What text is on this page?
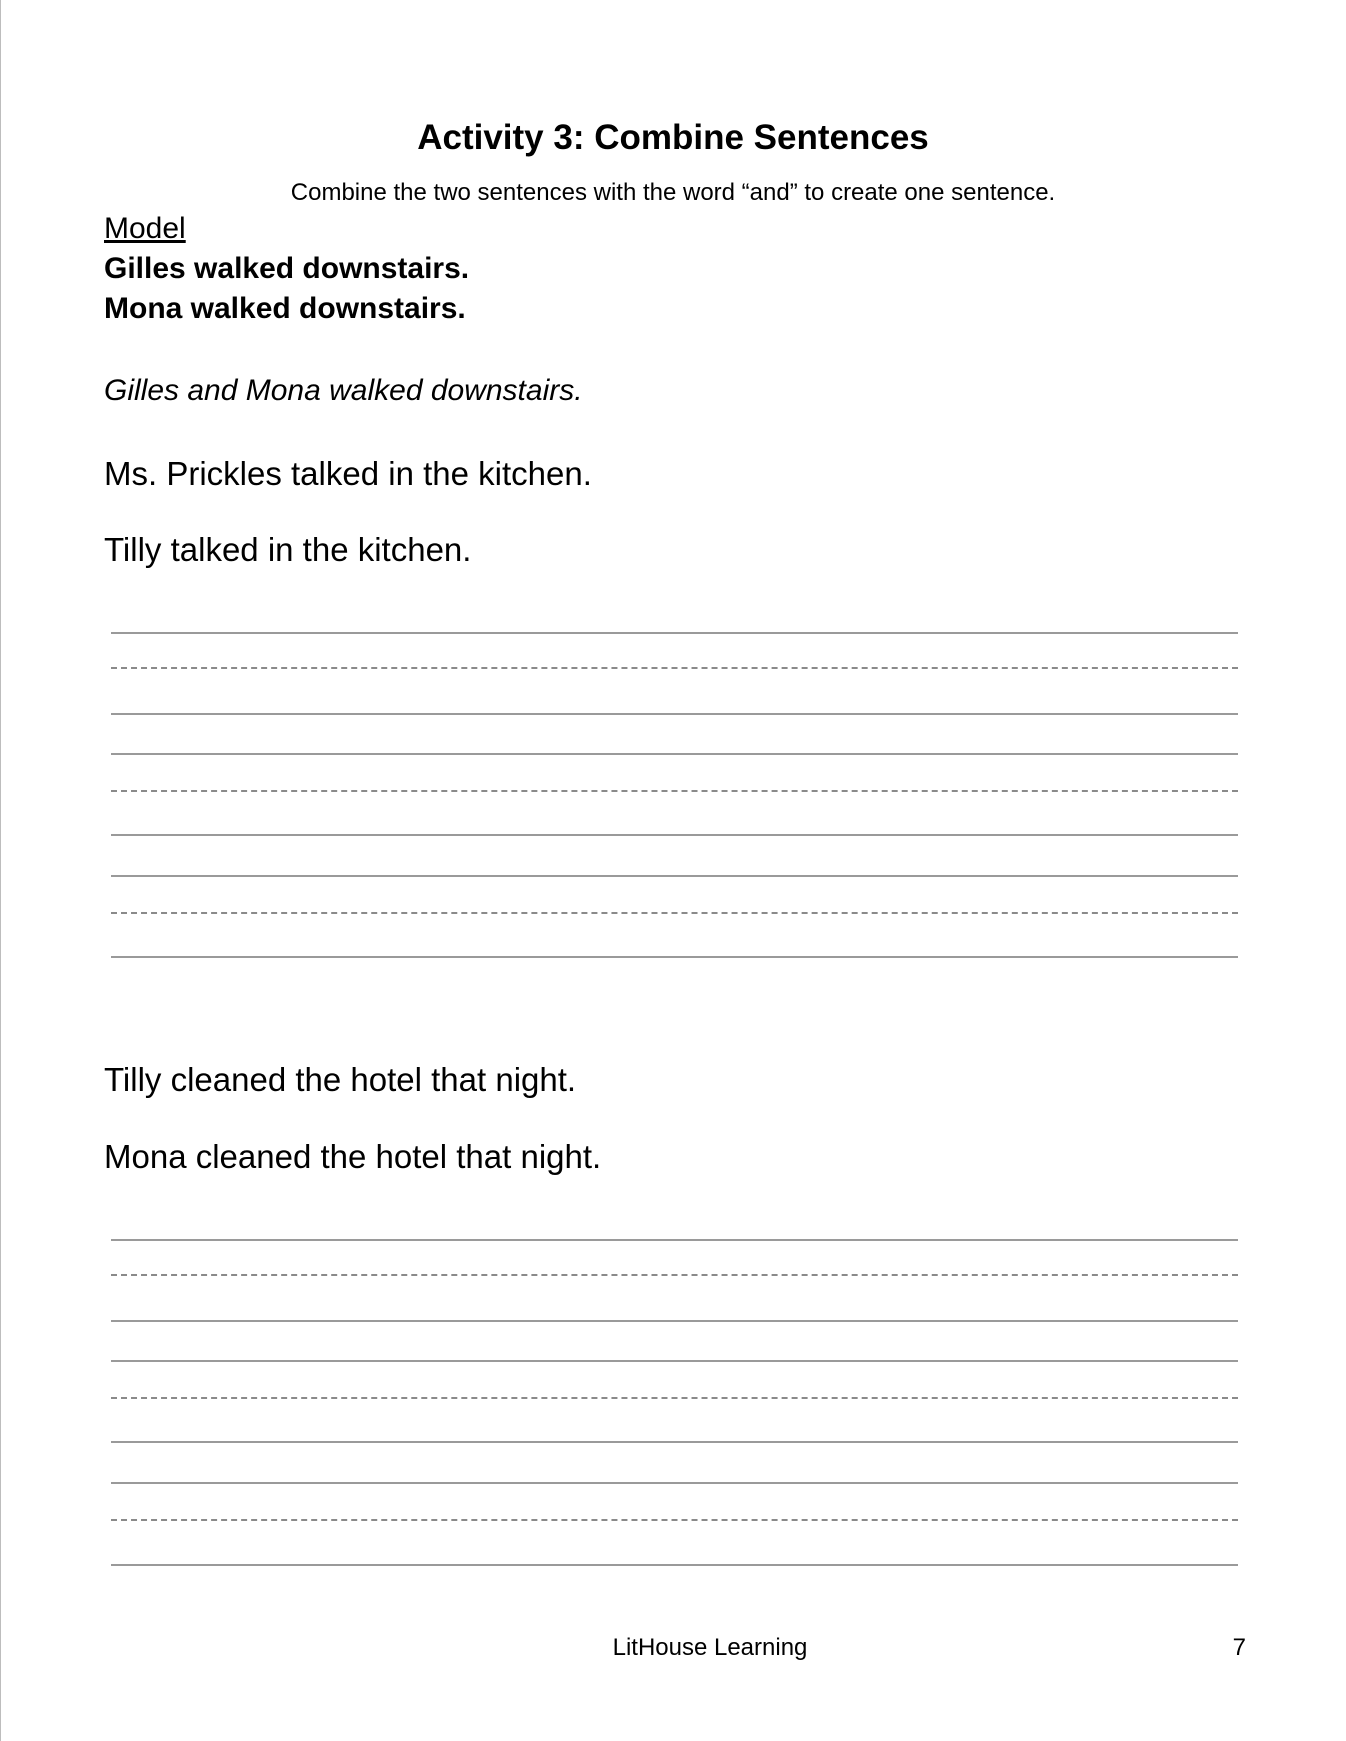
Activity 3: Combine Sentences

Combine the two sentences with the word “and” to create one sentence.

Model

Gilles walked downstairs.

Mona walked downstairs.

Gilles and Mona walked downstairs.

Ms. Prickles talked in the kitchen.

Tilly talked in the kitchen.

Tilly cleaned the hotel that night.

Mona cleaned the hotel that night.

LitHouse Learning	7
